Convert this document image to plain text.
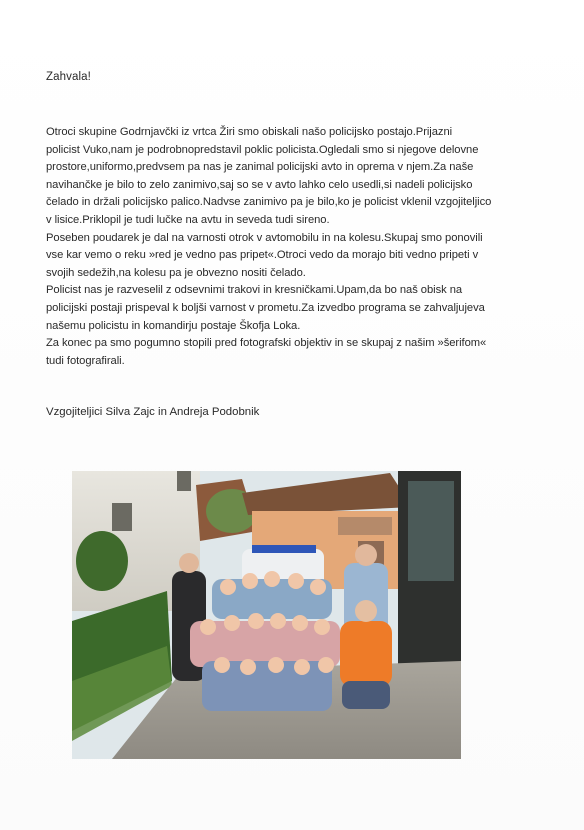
Zahvala!
Otroci skupine Godrnjavčki iz vrtca Žiri smo obiskali našo policijsko postajo.Prijazni
policist Vuko,nam je podrobnopredstavil poklic policista.Ogledali smo si njegove delovne
prostore,uniformo,predvsem pa nas je zanimal policijski avto in oprema v njem.Za naše
navihančke je bilo to zelo zanimivo,saj so se v avto lahko celo usedli,si nadeli policijsko
čelado in držali policijsko palico.Nadvse zanimivo pa je bilo,ko je policist vklenil vzgojiteljico
v lisice.Priklopil je tudi lučke na avtu in seveda tudi sireno.
Poseben poudarek je dal na varnosti otrok v avtomobilu in na kolesu.Skupaj smo ponovili
vse kar vemo o reku »red je vedno pas pripet«.Otroci vedo da morajo biti vedno pripeti v
svojih sedežih,na kolesu pa je obvezno nositi čelado.
Policist nas je razveselil z odsevnimi trakovi in kresničkami.Upam,da bo naš obisk na
policijski postaji prispeval k boljši varnost v prometu.Za izvedbo programa se zahvaljujeva
našemu policistu in komandirju postaje Škofja Loka.
Za konec pa smo pogumno stopili pred fotografski objektiv in se skupaj z našim »šerifom«
tudi fotografirali.
Vzgojiteljici Silva Zajc in Andreja Podobnik
